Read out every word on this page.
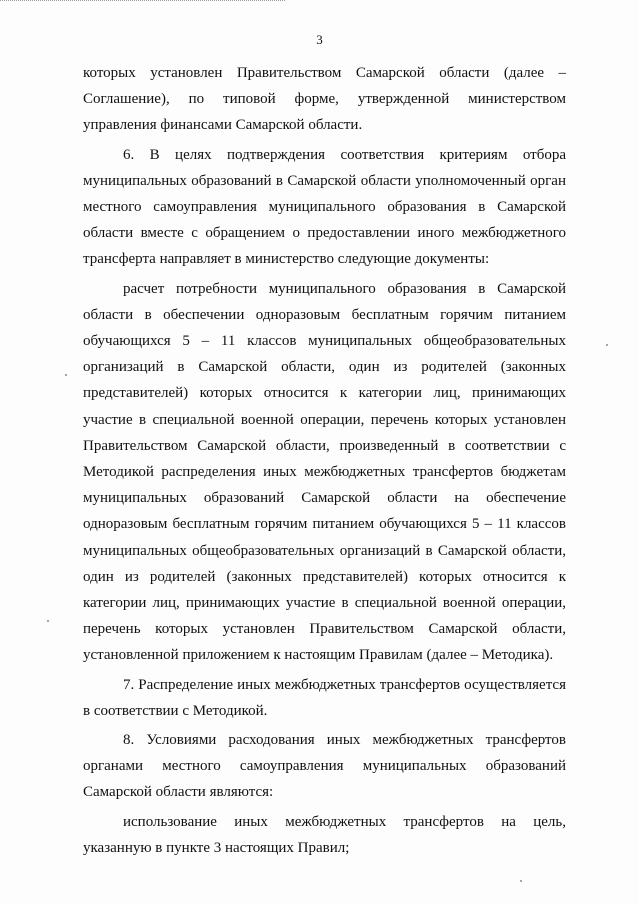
3

которых установлен Правительством Самарской области (далее – Соглашение), по типовой форме, утвержденной министерством управления финансами Самарской области.

6. В целях подтверждения соответствия критериям отбора муниципальных образований в Самарской области уполномоченный орган местного самоуправления муниципального образования в Самарской области вместе с обращением о предоставлении иного межбюджетного трансферта направляет в министерство следующие документы:

расчет потребности муниципального образования в Самарской области в обеспечении одноразовым бесплатным горячим питанием обучающихся 5 – 11 классов муниципальных общеобразовательных организаций в Самарской области, один из родителей (законных представителей) которых относится к категории лиц, принимающих участие в специальной военной операции, перечень которых установлен Правительством Самарской области, произведенный в соответствии с Методикой распределения иных межбюджетных трансфертов бюджетам муниципальных образований Самарской области на обеспечение одноразовым бесплатным горячим питанием обучающихся 5 – 11 классов муниципальных общеобразовательных организаций в Самарской области, один из родителей (законных представителей) которых относится к категории лиц, принимающих участие в специальной военной операции, перечень которых установлен Правительством Самарской области, установленной приложением к настоящим Правилам (далее – Методика).

7. Распределение иных межбюджетных трансфертов осуществляется в соответствии с Методикой.

8. Условиями расходования иных межбюджетных трансфертов органами местного самоуправления муниципальных образований Самарской области являются:

использование иных межбюджетных трансфертов на цель, указанную в пункте 3 настоящих Правил;
